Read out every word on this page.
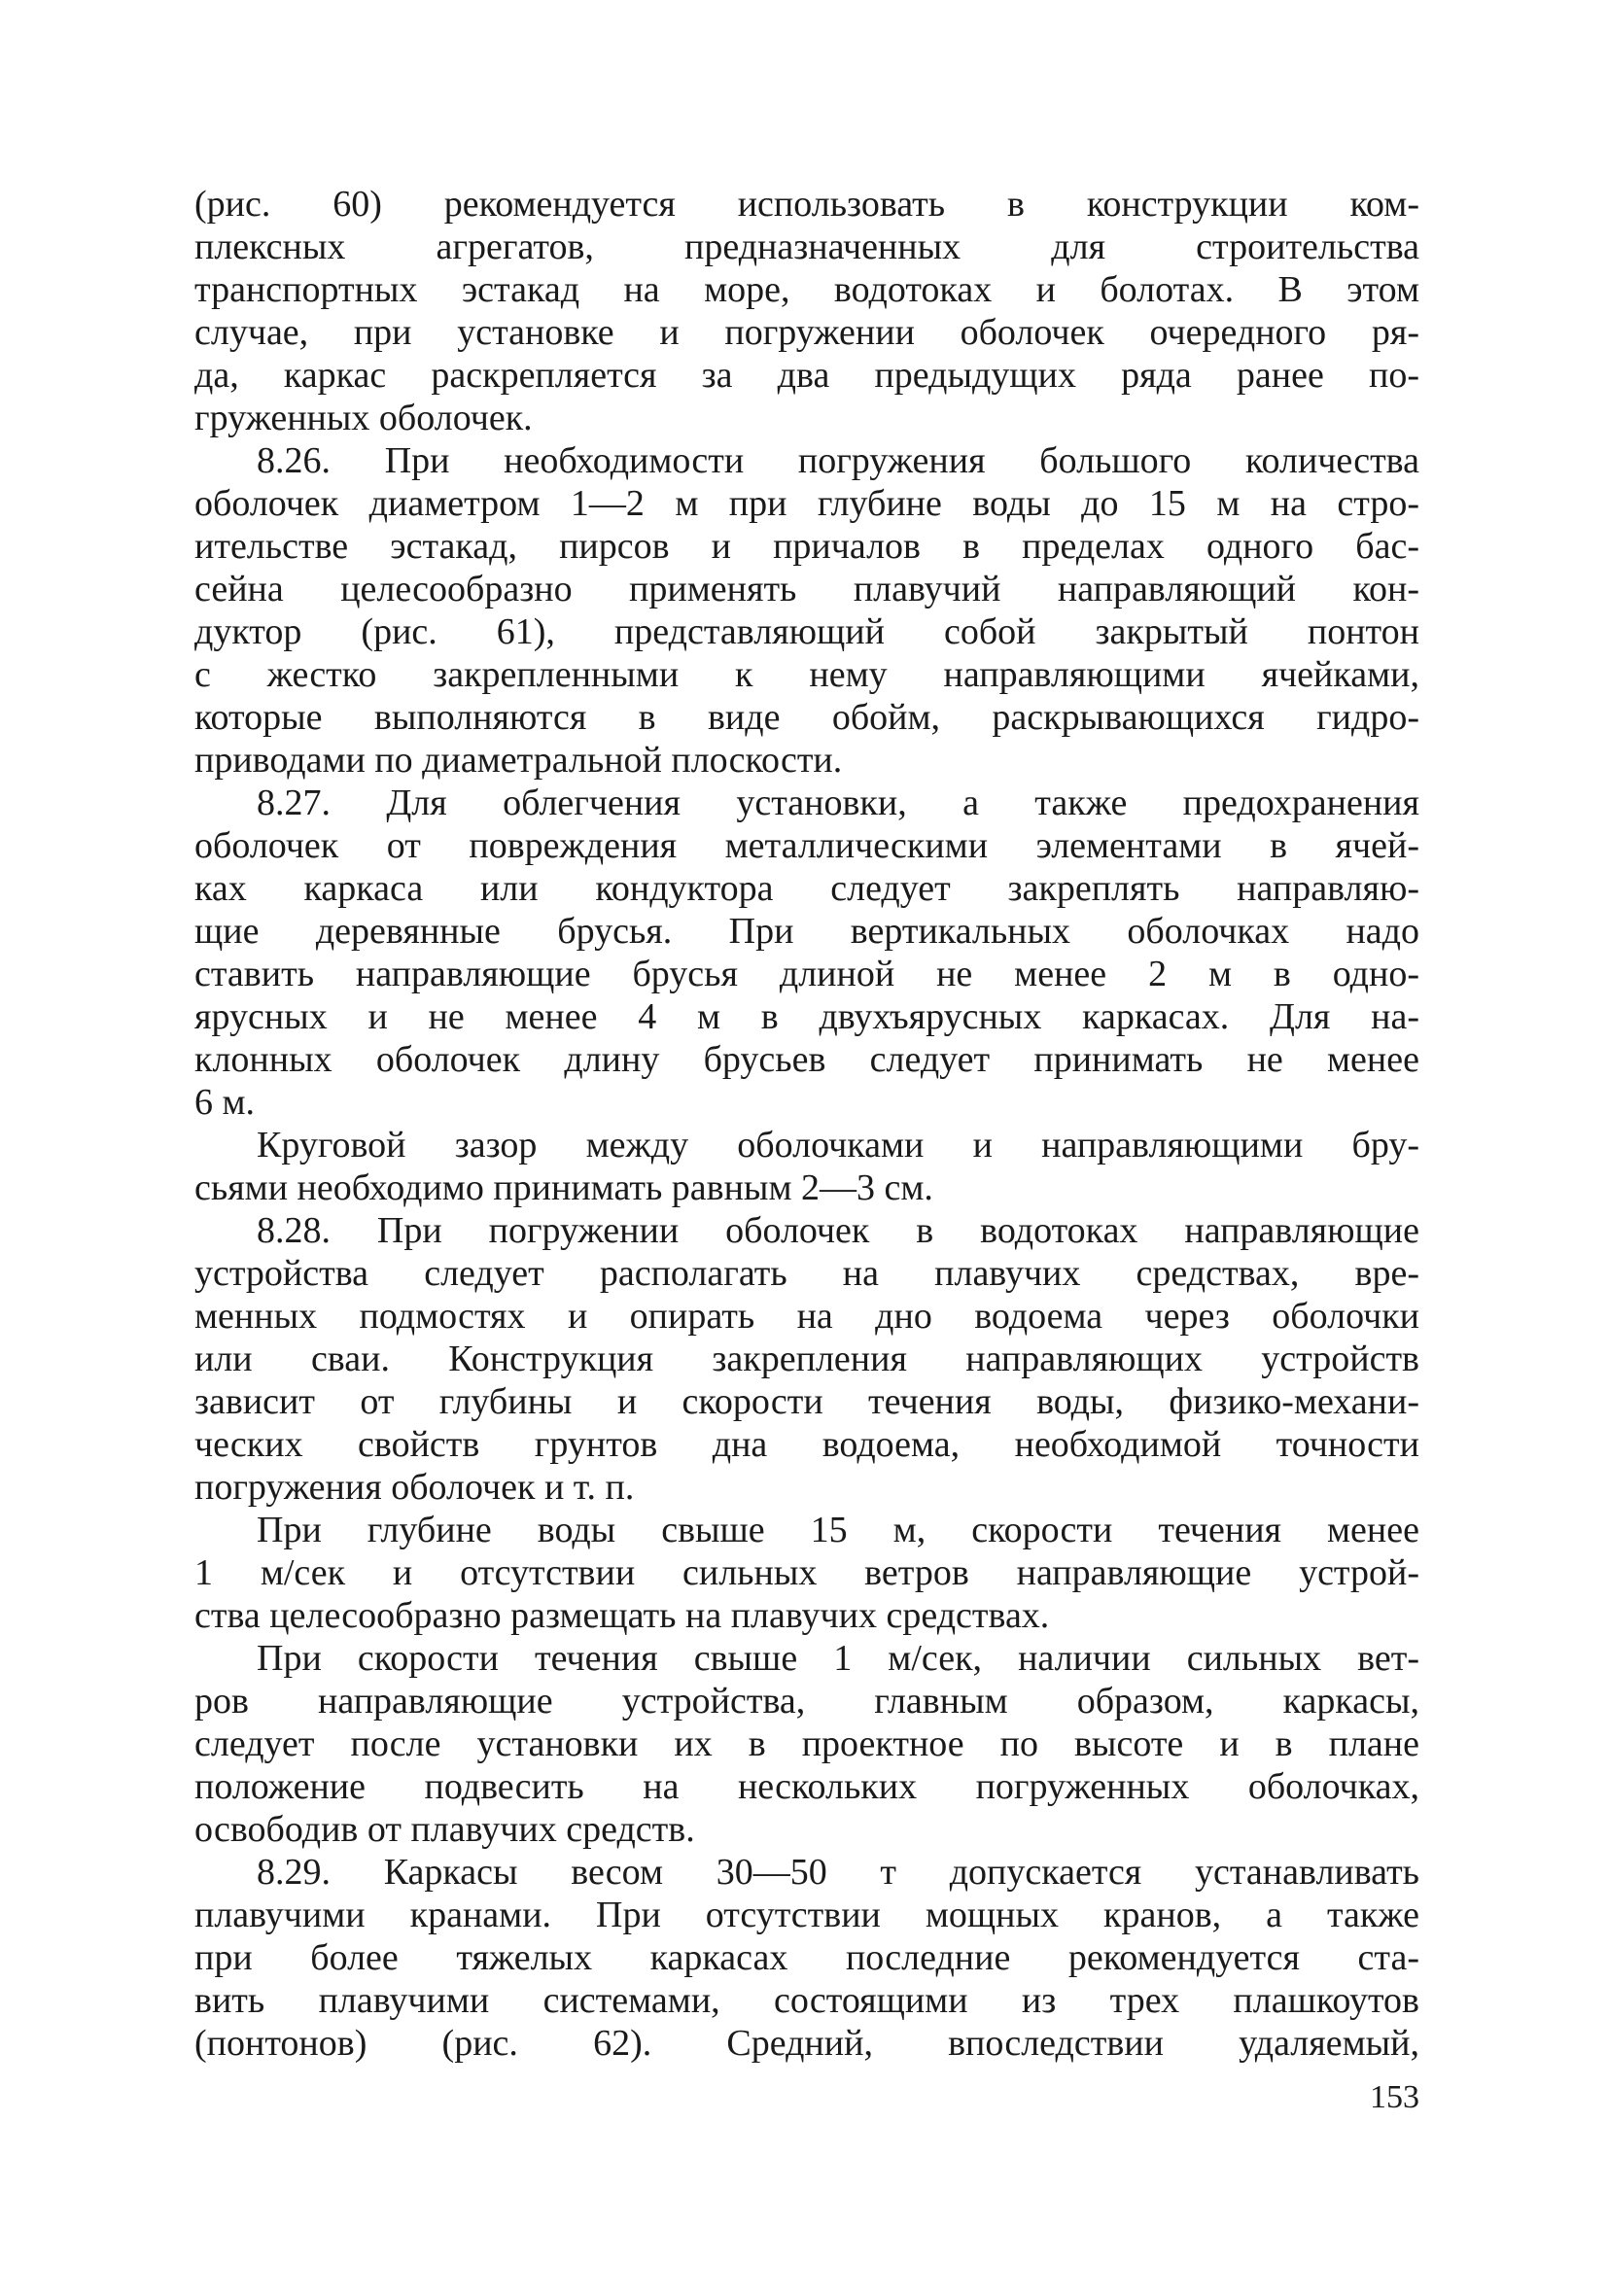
(рис. 60) рекомендуется использовать в конструкции ком-
плексных агрегатов, предназначенных для строительства
транспортных эстакад на море, водотоках и болотах. В этом
случае, при установке и погружении оболочек очередного ря-
да, каркас раскрепляется за два предыдущих ряда ранее по-
груженных оболочек.
8.26. При необходимости погружения большого количества
оболочек диаметром 1—2 м при глубине воды до 15 м на стро-
ительстве эстакад, пирсов и причалов в пределах одного бас-
сейна целесообразно применять плавучий направляющий кон-
дуктор (рис. 61), представляющий собой закрытый понтон
с жестко закрепленными к нему направляющими ячейками,
которые выполняются в виде обойм, раскрывающихся гидро-
приводами по диаметральной плоскости.
8.27. Для облегчения установки, а также предохранения
оболочек от повреждения металлическими элементами в ячей-
ках каркаса или кондуктора следует закреплять направляю-
щие деревянные брусья. При вертикальных оболочках надо
ставить направляющие брусья длиной не менее 2 м в одно-
ярусных и не менее 4 м в двухъярусных каркасах. Для на-
клонных оболочек длину брусьев следует принимать не менее
6 м.
Круговой зазор между оболочками и направляющими бру-
сьями необходимо принимать равным 2—3 см.
8.28. При погружении оболочек в водотоках направляющие
устройства следует располагать на плавучих средствах, вре-
менных подмостях и опирать на дно водоема через оболочки
или сваи. Конструкция закрепления направляющих устройств
зависит от глубины и скорости течения воды, физико-механи-
ческих свойств грунтов дна водоема, необходимой точности
погружения оболочек и т. п.
При глубине воды свыше 15 м, скорости течения менее
1 м/сек и отсутствии сильных ветров направляющие устрой-
ства целесообразно размещать на плавучих средствах.
При скорости течения свыше 1 м/сек, наличии сильных вет-
ров направляющие устройства, главным образом, каркасы,
следует после установки их в проектное по высоте и в плане
положение подвесить на нескольких погруженных оболочках,
освободив от плавучих средств.
8.29. Каркасы весом 30—50 т допускается устанавливать
плавучими кранами. При отсутствии мощных кранов, а также
при более тяжелых каркасах последние рекомендуется ста-
вить плавучими системами, состоящими из трех плашкоутов
(понтонов) (рис. 62). Средний, впоследствии удаляемый,
153
